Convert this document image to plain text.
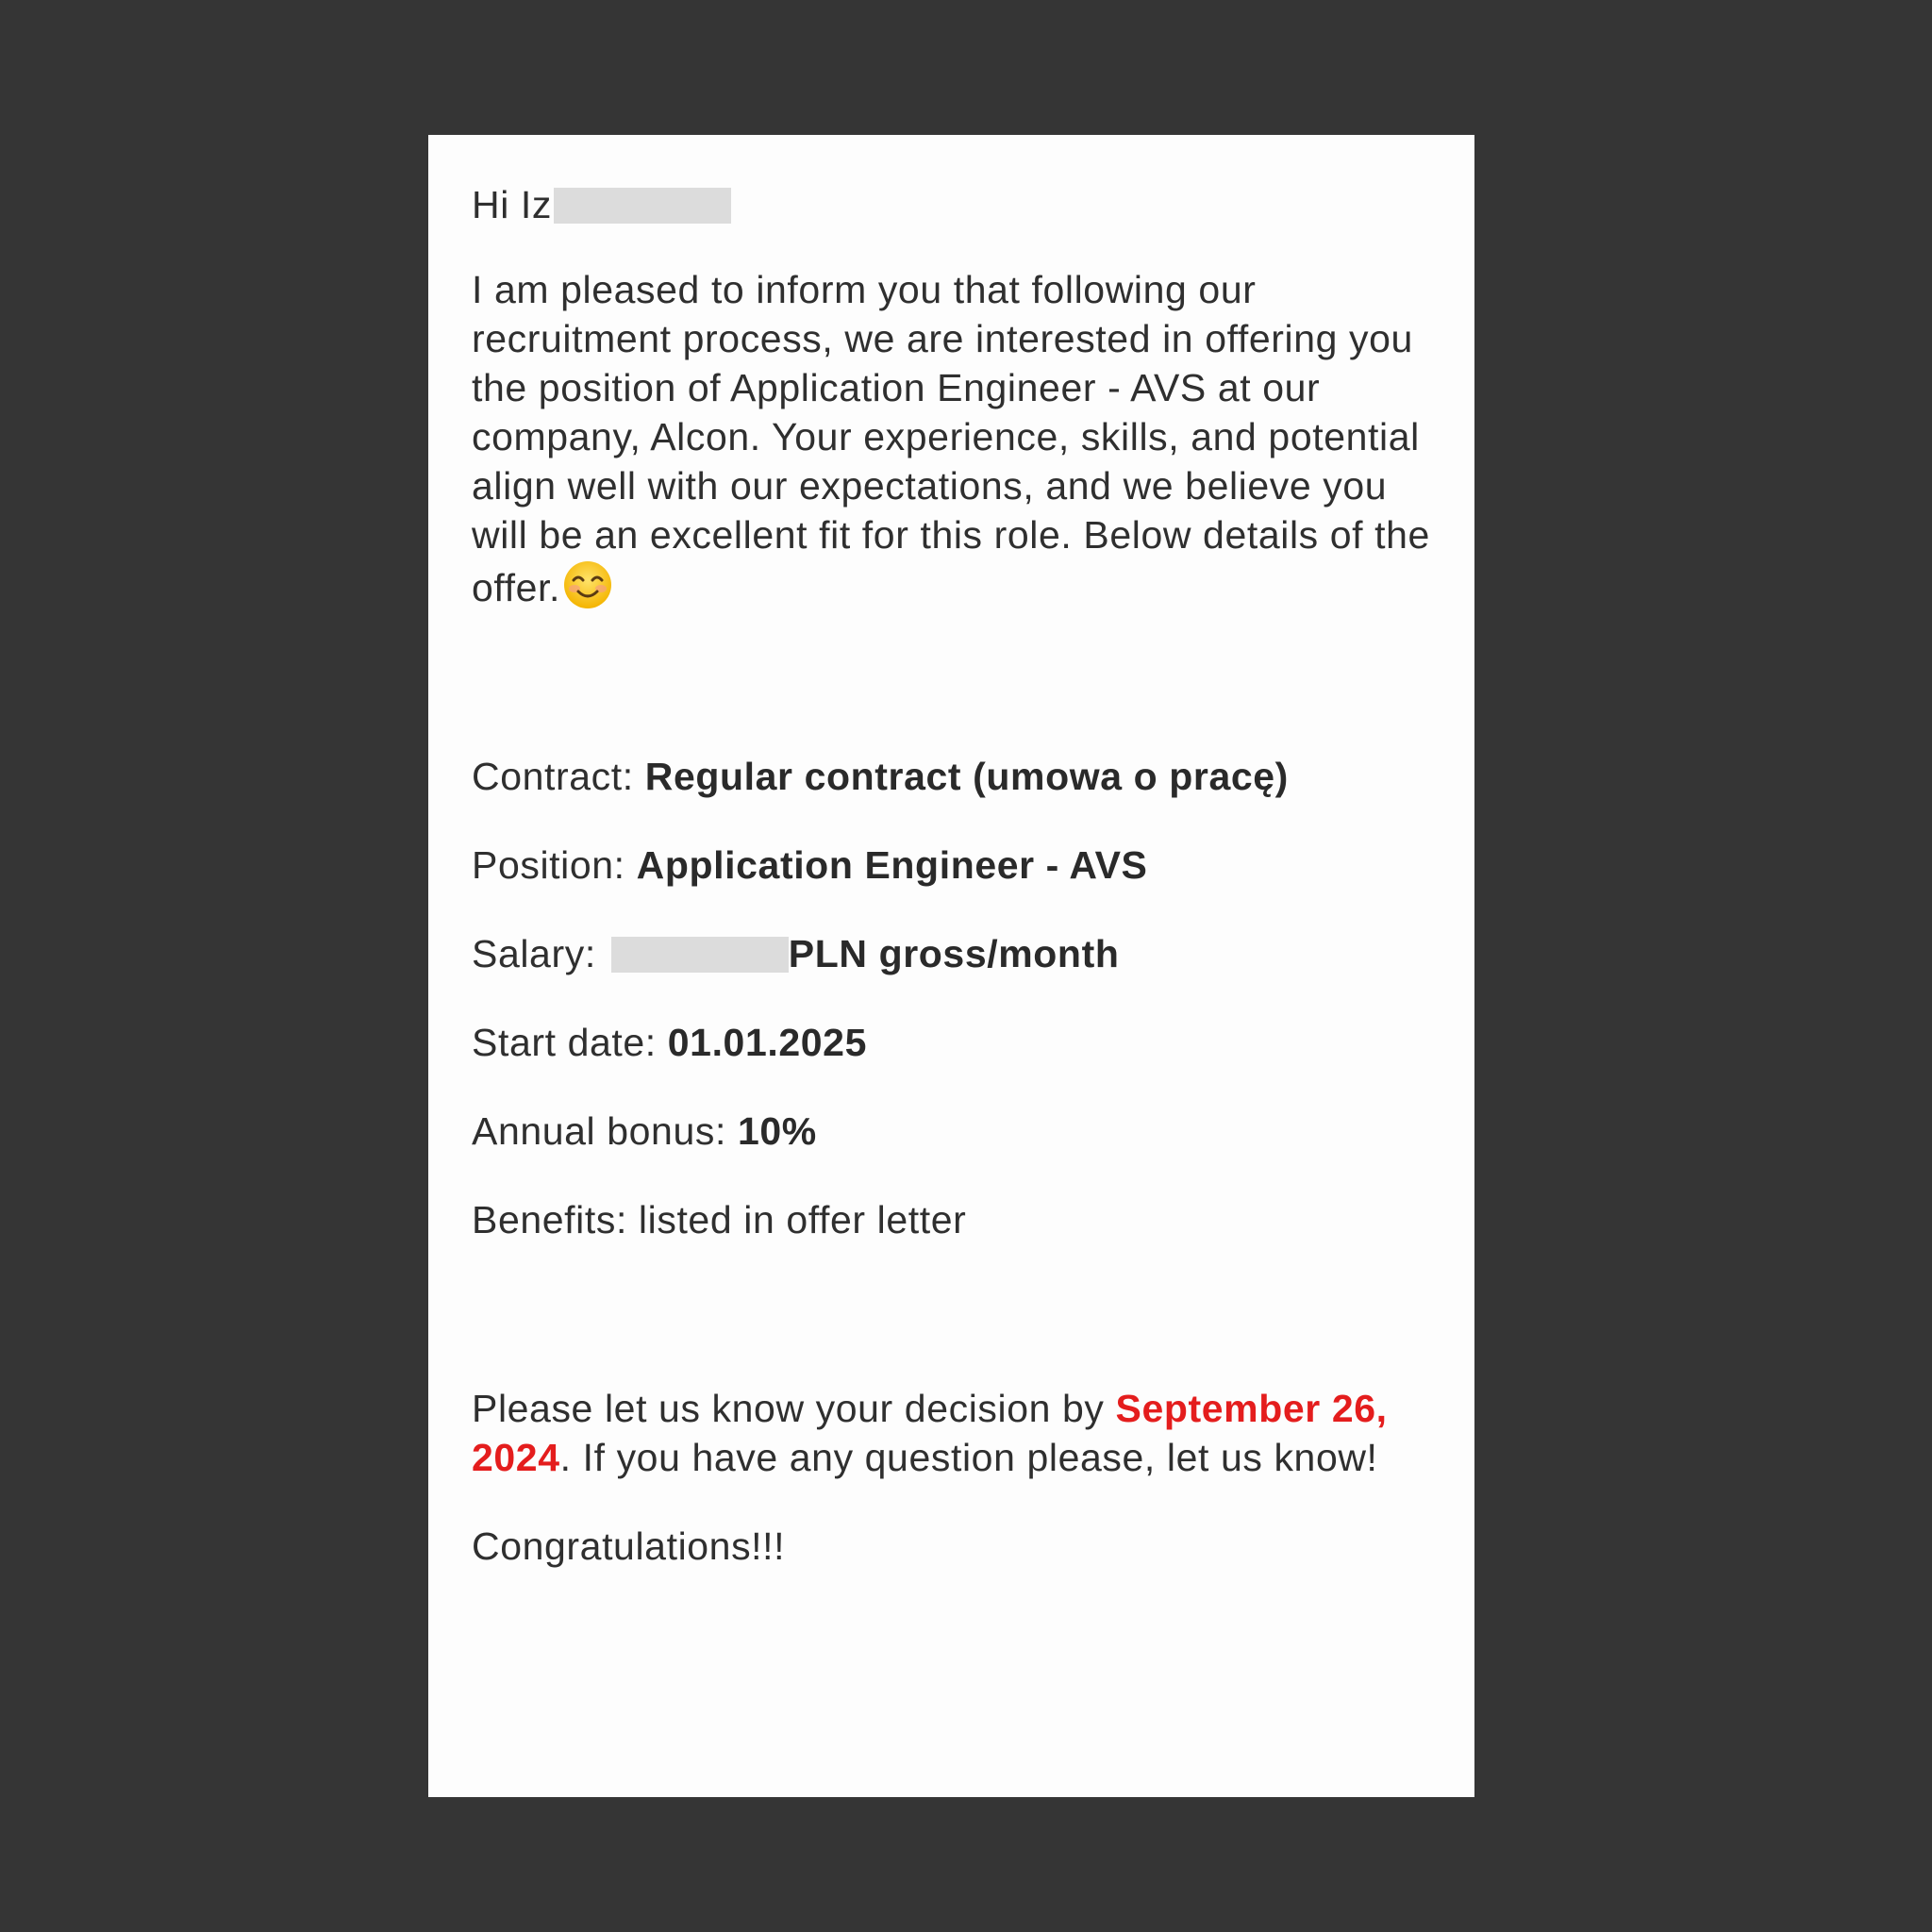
Hi Iz

I am pleased to inform you that following our recruitment process, we are interested in offering you the position of Application Engineer - AVS at our company, Alcon. Your experience, skills, and potential align well with our expectations, and we believe you will be an excellent fit for this role. Below details of the offer.

Contract: Regular contract (umowa o pracę)

Position: Application Engineer - AVS

Salary:	PLN gross/month

Start date: 01.01.2025

Annual bonus: 10%

Benefits: listed in offer letter

Please let us know your decision by September 26, 2024. If you have any question please, let us know!

Congratulations!!!
